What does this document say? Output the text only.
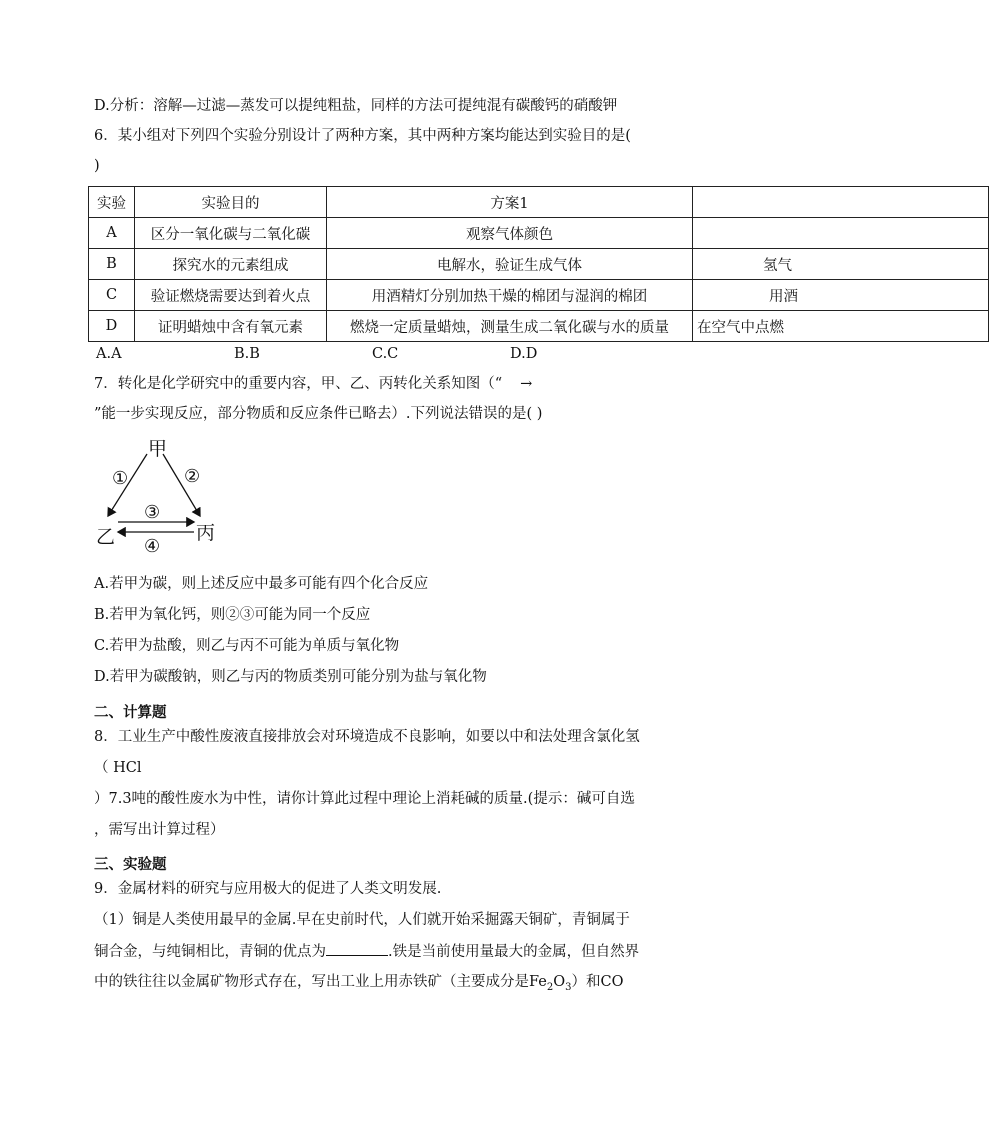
D.分析：溶解—过滤—蒸发可以提纯粗盐，同样的方法可提纯混有碳酸钙的硝酸钾
6．某小组对下列四个实验分别设计了两种方案，其中两种方案均能达到实验目的是(
)
实验	实验目的	方案1	
A	区分一氧化碳与二氧化碳	观察气体颜色	
B	探究水的元素组成	电解水，验证生成气体	氢气
C	验证燃烧需要达到着火点	用酒精灯分别加热干燥的棉团与湿润的棉团	用酒
D	证明蜡烛中含有氧元素	燃烧一定质量蜡烛，测量生成二氧化碳与水的质量	在空气中点燃
A.A	B.B	C.C	D.D
7．转化是化学研究中的重要内容，甲、乙、丙转化关系知图（“ →
”能一步实现反应，部分物质和反应条件已略去）.下列说法错误的是( )
甲
乙	丙
①	②
③
④
A.若甲为碳，则上述反应中最多可能有四个化合反应
B.若甲为氧化钙，则②③可能为同一个反应
C.若甲为盐酸，则乙与丙不可能为单质与氧化物
D.若甲为碳酸钠，则乙与丙的物质类别可能分别为盐与氧化物
二、计算题
8．工业生产中酸性废液直接排放会对环境造成不良影响，如要以中和法处理含氯化氢
（ HCl
）7.3吨的酸性废水为中性，请你计算此过程中理论上消耗碱的质量.(提示：碱可自选
，需写出计算过程）
三、实验题
9．金属材料的研究与应用极大的促进了人类文明发展.
（1）铜是人类使用最早的金属.早在史前时代，人们就开始采掘露天铜矿，青铜属于
铜合金，与纯铜相比，青铜的优点为	.铁是当前使用量最大的金属，但自然界
中的铁往往以金属矿物形式存在，写出工业上用赤铁矿（主要成分是$Fe_2O_3$）和CO
